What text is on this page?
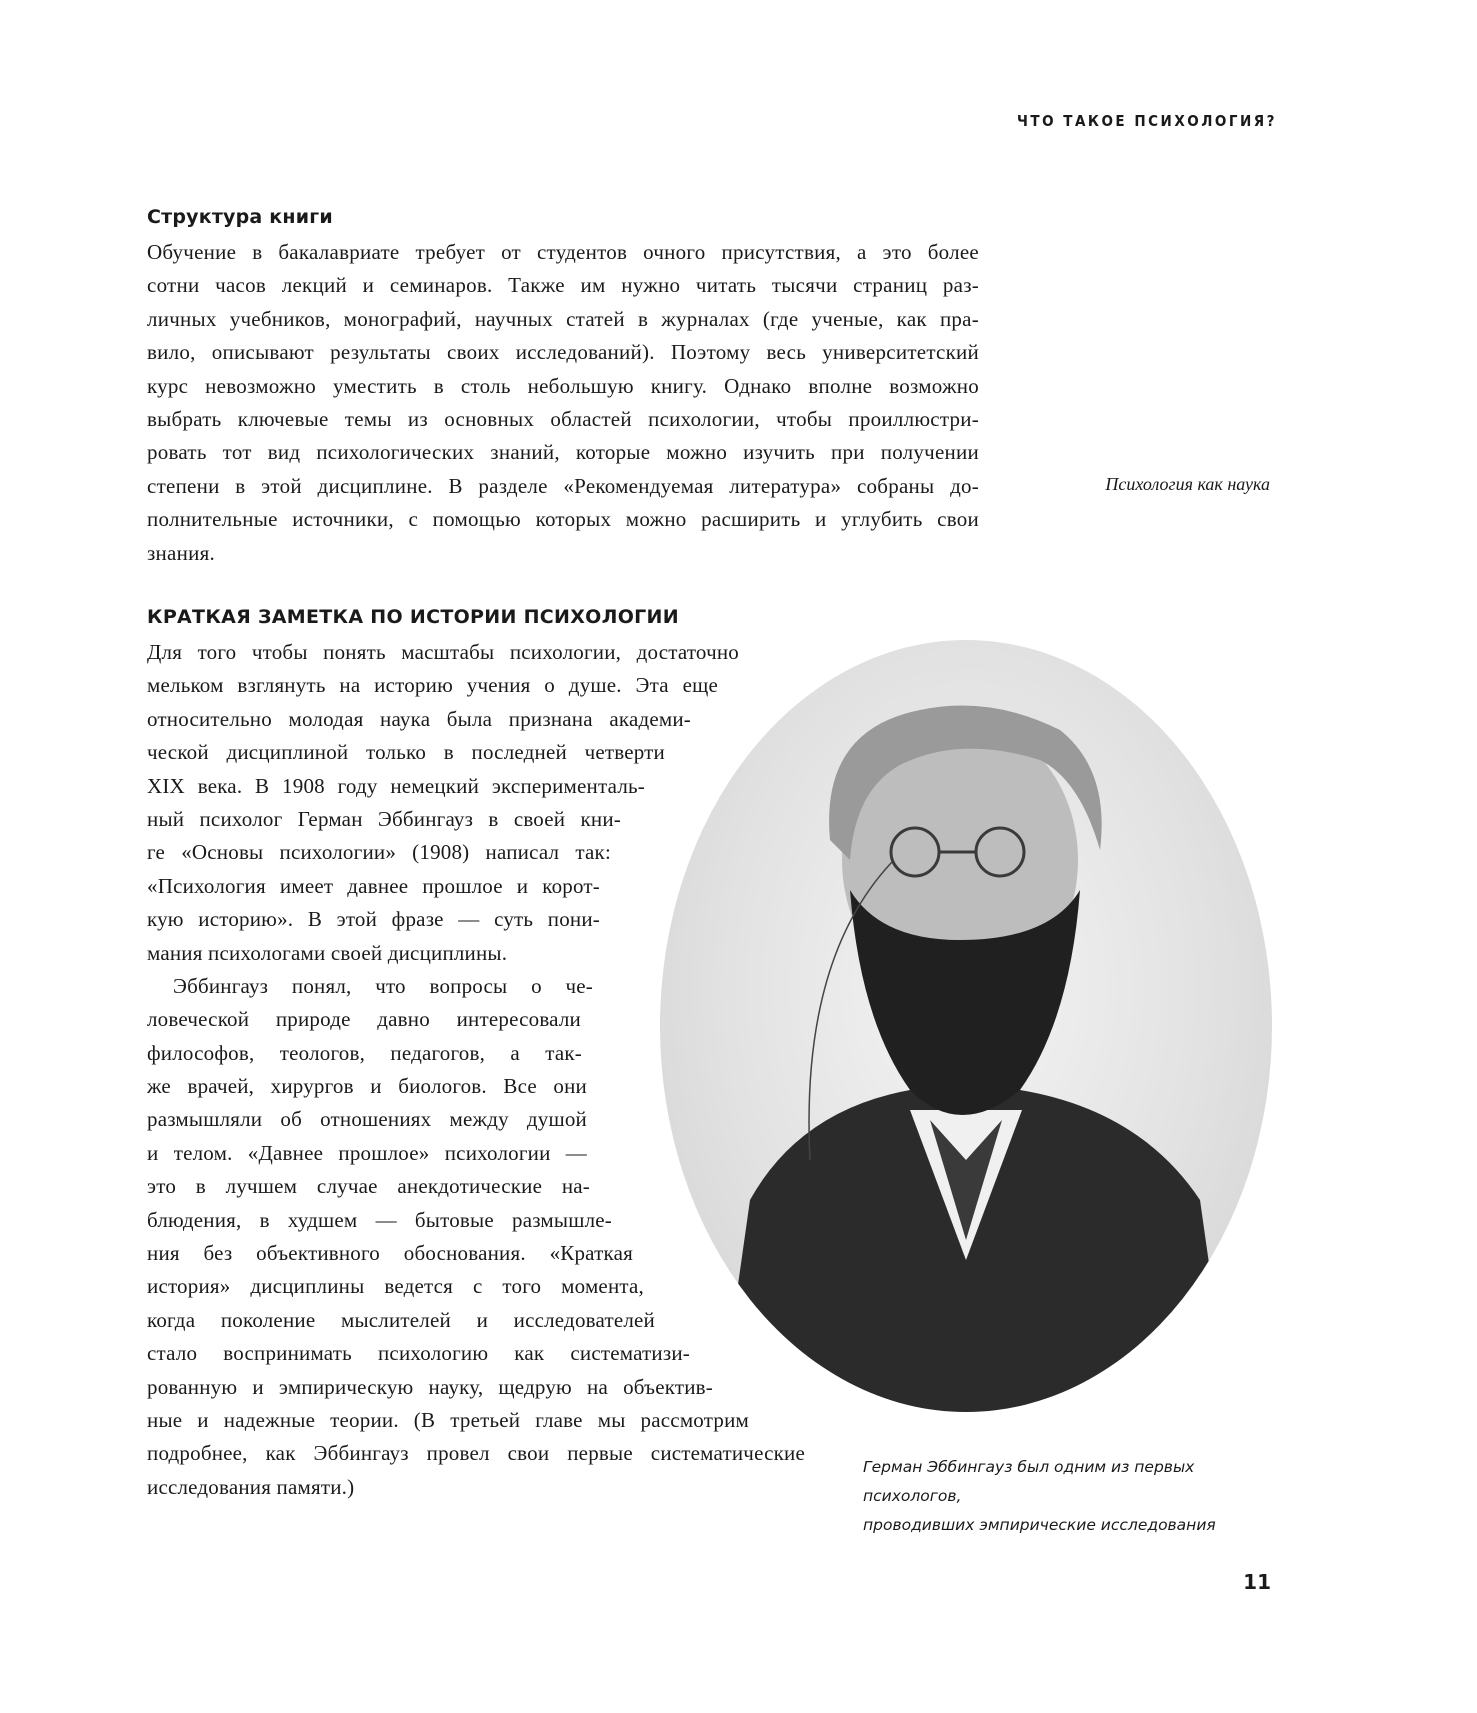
ЧТО ТАКОЕ ПСИХОЛОГИЯ?
Структура книги
Обучение в бакалавриате требует от студентов очного присутствия, а это более
сотни часов лекций и семинаров. Также им нужно читать тысячи страниц раз-
личных учебников, монографий, научных статей в журналах (где ученые, как пра-
вило, описывают результаты своих исследований). Поэтому весь университетский
курс невозможно уместить в столь небольшую книгу. Однако вполне возможно
выбрать ключевые темы из основных областей психологии, чтобы проиллюстри-
ровать тот вид психологических знаний, которые можно изучить при получении
степени в этой дисциплине. В разделе «Рекомендуемая литература» собраны до-
полнительные источники, с помощью которых можно расширить и углубить свои
знания.
Психология как наука
КРАТКАЯ ЗАМЕТКА ПО ИСТОРИИ ПСИХОЛОГИИ
Для того чтобы понять масштабы психологии, достаточно
мельком взглянуть на историю учения о душе. Эта еще
относительно молодая наука была признана академи-
ческой дисциплиной только в последней четверти
XIX века. В 1908 году немецкий эксперименталь-
ный психолог Герман Эббингауз в своей кни-
ге «Основы психологии» (1908) написал так:
«Психология имеет давнее прошлое и корот-
кую историю». В этой фразе — суть пони-
мания психологами своей дисциплины.
Эббингауз понял, что вопросы о че-
ловеческой природе давно интересовали
философов, теологов, педагогов, а так-
же врачей, хирургов и биологов. Все они
размышляли об отношениях между душой
и телом. «Давнее прошлое» психологии —
это в лучшем случае анекдотические на-
блюдения, в худшем — бытовые размышле-
ния без объективного обоснования. «Краткая
история» дисциплины ведется с того момента,
когда поколение мыслителей и исследователей
стало воспринимать психологию как систематизи-
рованную и эмпирическую науку, щедрую на объектив-
ные и надежные теории. (В третьей главе мы рассмотрим
подробнее, как Эббингауз провел свои первые систематические
исследования памяти.)
Герман Эббингауз был одним из первых психологов,
проводивших эмпирические исследования
11
